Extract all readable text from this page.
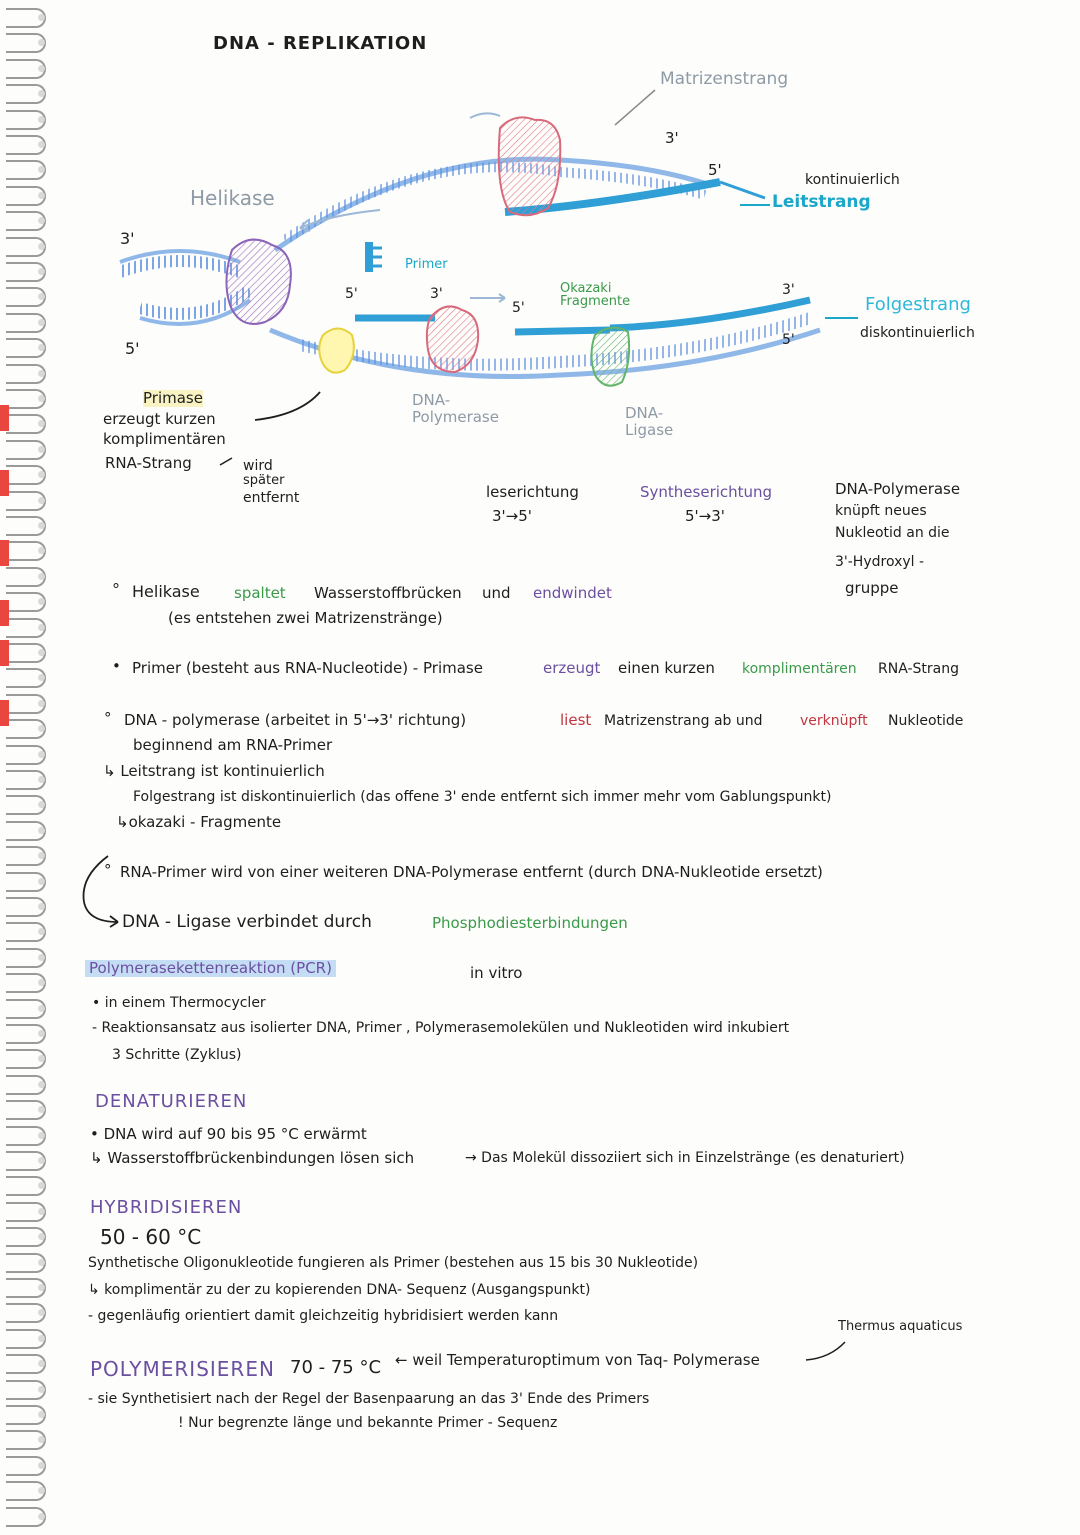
DNA - REPLIKATION
Matrizenstrang
3'
5'
kontinuierlich
Leitstrang
Helikase
3'
5'
Primer
5'	3'
5'
Okazaki Fragmente
3'
5'
Folgestrang
diskontinuierlich
DNA-Polymerase	DNA-Ligase
Primase
erzeugt kurzen
komplimentären
RNA-Strang	wird
später
entfernt	leserichtung
3'→5'
Syntheserichtung
5'→3'
DNA-Polymerase
knüpft neues
Nukleotid an die
3'-Hydroxyl -
gruppe
° Helikase spaltet Wasserstoffbrücken und endwindet
(es entstehen zwei Matrizenstränge)
• Primer (besteht aus RNA-Nucleotide) - Primase	erzeugt einen kurzen komplimentären RNA-Strang
° DNA - polymerase (arbeitet in 5'→3' richtung)	liest Matrizenstrang ab und	verknüpft Nukleotide
beginnend am RNA-Primer
↳ Leitstrang ist kontinuierlich
Folgestrang ist diskontinuierlich (das offene 3' ende entfernt sich immer mehr vom Gablungspunkt)
↳okazaki - Fragmente
° RNA-Primer wird von einer weiteren DNA-Polymerase entfernt (durch DNA-Nukleotide ersetzt)
DNA - Ligase verbindet durch	Phosphodiesterbindungen
Polymerasekettenreaktion (PCR)	in vitro
• in einem Thermocycler
- Reaktionsansatz aus isolierter DNA, Primer , Polymerasemolekülen und Nukleotiden wird inkubiert
3 Schritte (Zyklus)
DENATURIEREN
• DNA wird auf 90 bis 95 °C erwärmt
↳ Wasserstoffbrückenbindungen lösen sich	→ Das Molekül dissoziiert sich in Einzelstränge (es denaturiert)
HYBRIDISIEREN
50 - 60 °C
Synthetische Oligonukleotide fungieren als Primer (bestehen aus 15 bis 30 Nukleotide)
↳ komplimentär zu der zu kopierenden DNA- Sequenz (Ausgangspunkt)
- gegenläufig orientiert damit gleichzeitig hybridisiert werden kann
Thermus aquaticus
POLYMERISIEREN 70 - 75 °C ← weil Temperaturoptimum von Taq- Polymerase
- sie Synthetisiert nach der Regel der Basenpaarung an das 3' Ende des Primers
! Nur begrenzte länge und bekannte Primer - Sequenz
